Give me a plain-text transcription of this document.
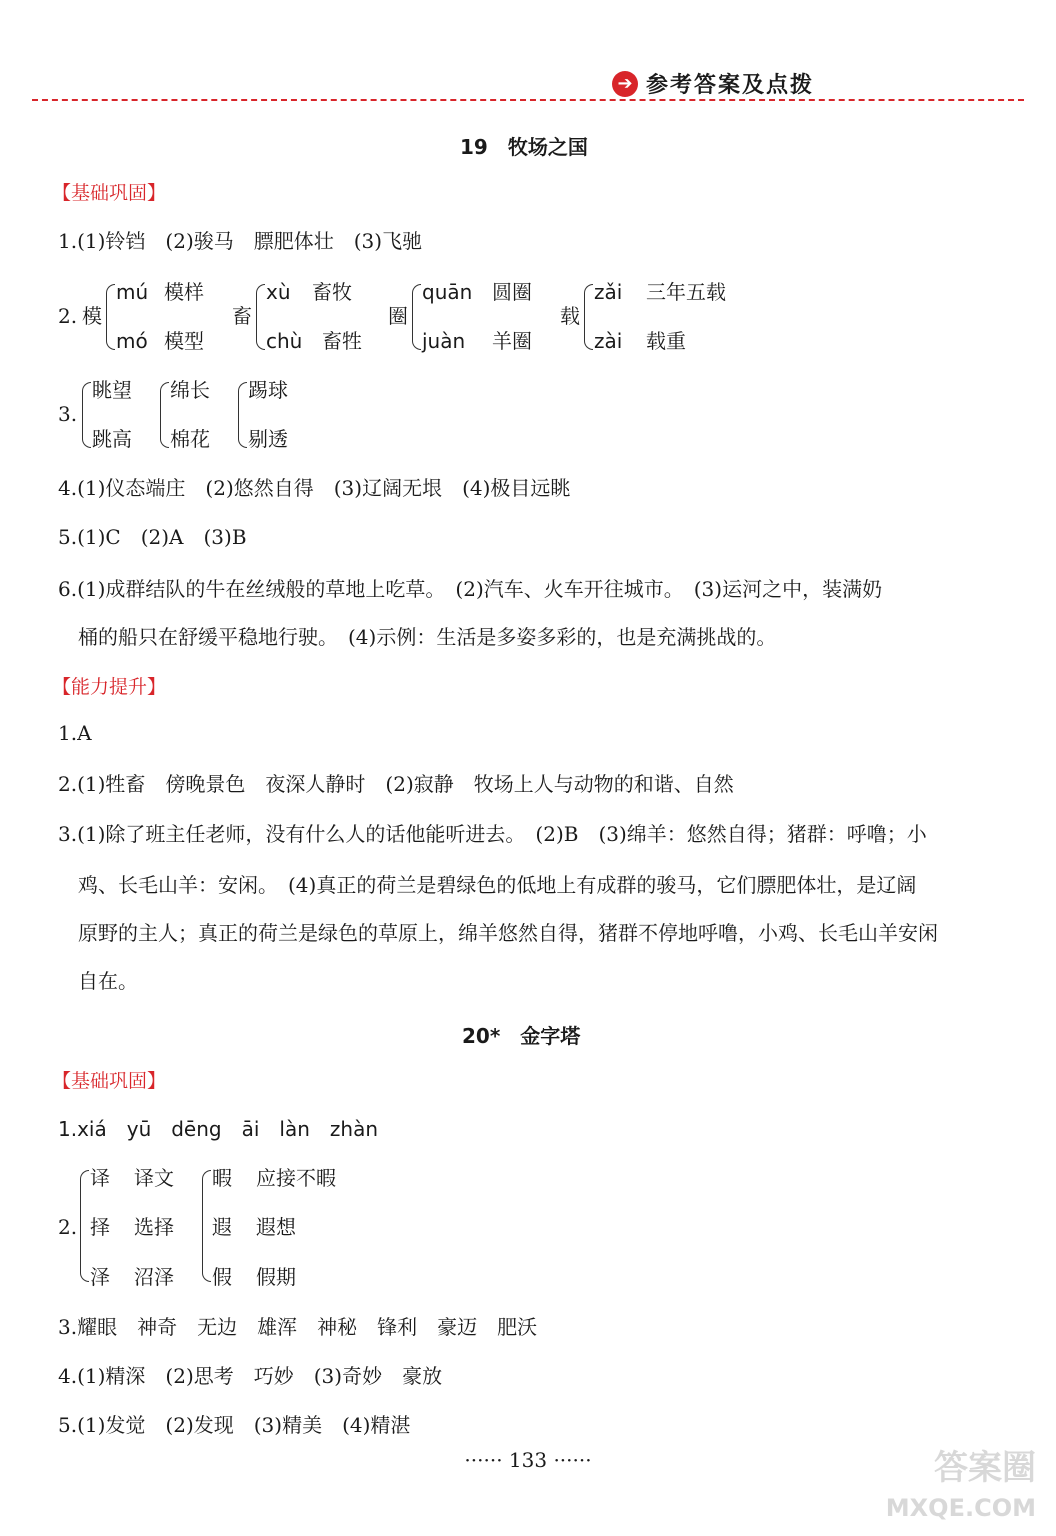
➔ 参考答案及点拨
19　牧场之国
【基础巩固】
1.(1)铃铛　(2)骏马　膘肥体壮　(3)飞驰
2. 模
mú 模样
mó 模型
畜
xù 畜牧
chù 畜牲
圈
quān 圆圈
juàn 羊圈
载
zǎi 三年五载
zài 载重
3.
眺望
跳高
绵长
棉花
踢球
剔透
4.(1)仪态端庄　(2)悠然自得　(3)辽阔无垠　(4)极目远眺
5.(1)C　(2)A　(3)B
6.(1)成群结队的牛在丝绒般的草地上吃草。　(2)汽车、火车开往城市。　(3)运河之中，装满奶
桶的船只在舒缓平稳地行驶。　(4)示例：生活是多姿多彩的，也是充满挑战的。
【能力提升】
1.A
2.(1)牲畜　傍晚景色　夜深人静时　(2)寂静　牧场上人与动物的和谐、自然
3.(1)除了班主任老师，没有什么人的话他能听进去。　(2)B　(3)绵羊：悠然自得；猪群：呼噜；小
鸡、长毛山羊：安闲。　(4)真正的荷兰是碧绿色的低地上有成群的骏马，它们膘肥体壮，是辽阔
原野的主人；真正的荷兰是绿色的草原上，绵羊悠然自得，猪群不停地呼噜，小鸡、长毛山羊安闲
自在。
20*　金字塔
【基础巩固】
1.xiá　yū　dēng　āi　làn　zhàn
2.
译 译文
择 选择
泽 沼泽
暇 应接不暇
遐 遐想
假 假期
3.耀眼　神奇　无边　雄浑　神秘　锋利　豪迈　肥沃
4.(1)精深　(2)思考　巧妙　(3)奇妙　豪放
5.(1)发觉　(2)发现　(3)精美　(4)精湛
······ 133 ······	答案圈
MXQE.COM
